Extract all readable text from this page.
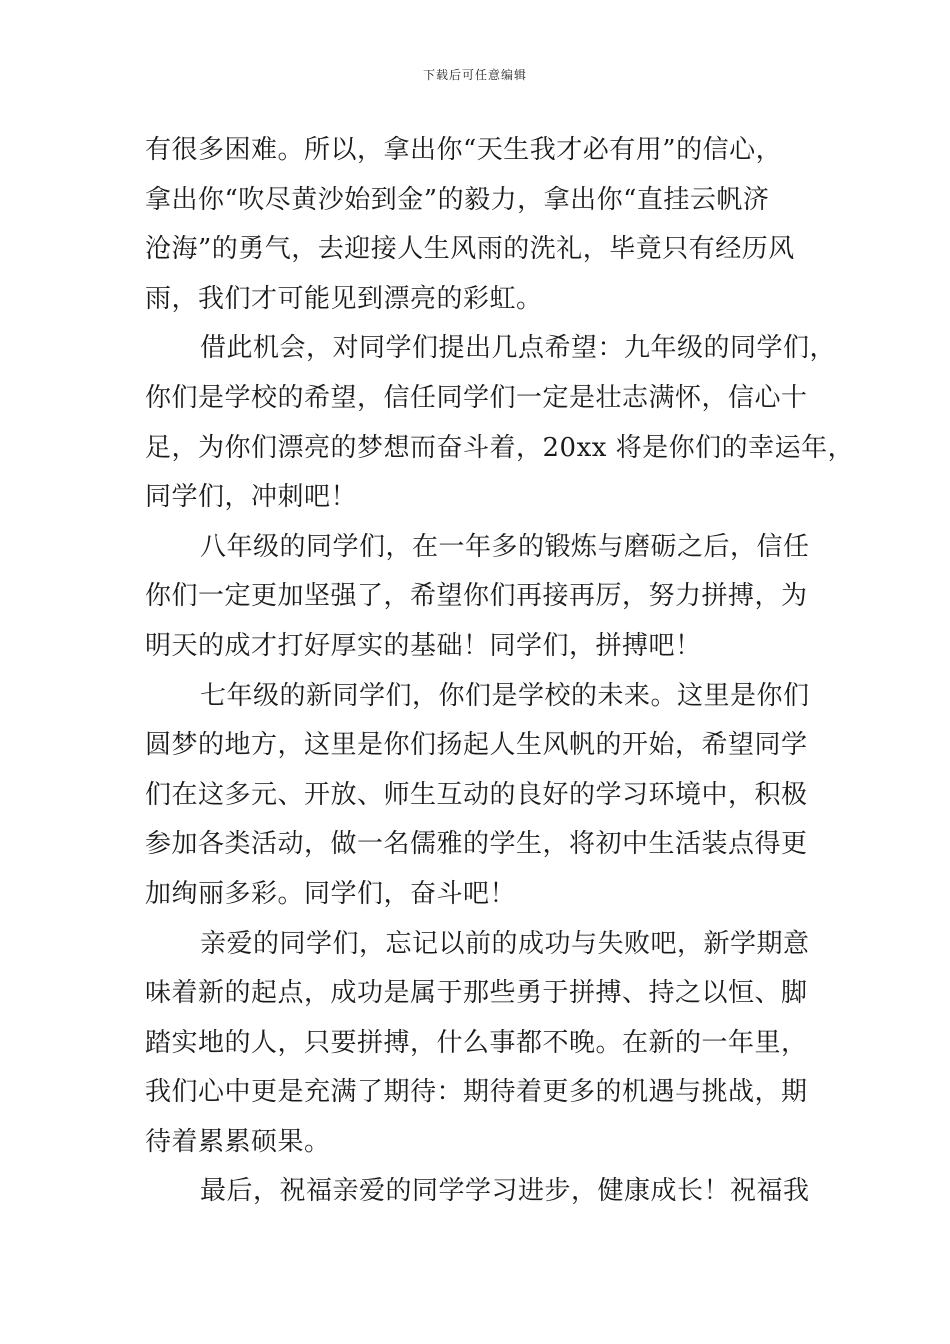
下载后可任意编辑
有很多困难。所以，拿出你“天生我才必有用”的信心，
拿出你“吹尽黄沙始到金”的毅力，拿出你“直挂云帆济
沧海”的勇气，去迎接人生风雨的洗礼，毕竟只有经历风
雨，我们才可能见到漂亮的彩虹。
借此机会，对同学们提出几点希望：九年级的同学们，
你们是学校的希望，信任同学们一定是壮志满怀，信心十
足，为你们漂亮的梦想而奋斗着，20xx 将是你们的幸运年，
同学们，冲刺吧！
八年级的同学们，在一年多的锻炼与磨砺之后，信任
你们一定更加坚强了，希望你们再接再厉，努力拼搏，为
明天的成才打好厚实的基础！同学们，拼搏吧！
七年级的新同学们，你们是学校的未来。这里是你们
圆梦的地方，这里是你们扬起人生风帆的开始，希望同学
们在这多元、开放、师生互动的良好的学习环境中，积极
参加各类活动，做一名儒雅的学生，将初中生活装点得更
加绚丽多彩。同学们，奋斗吧！
亲爱的同学们，忘记以前的成功与失败吧，新学期意
味着新的起点，成功是属于那些勇于拼搏、持之以恒、脚
踏实地的人，只要拼搏，什么事都不晚。在新的一年里，
我们心中更是充满了期待：期待着更多的机遇与挑战，期
待着累累硕果。
最后，祝福亲爱的同学学习进步，健康成长！祝福我
